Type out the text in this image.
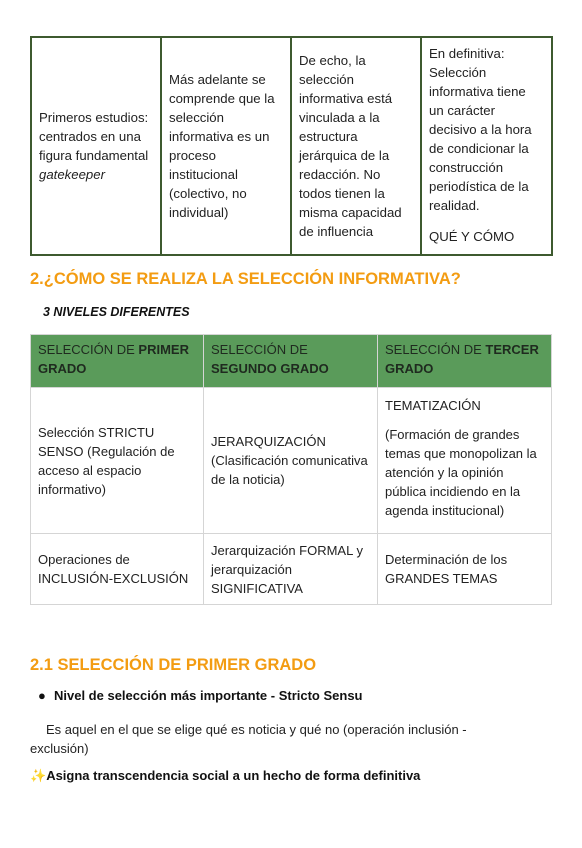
Primeros estudios: centrados en una figura fundamental gatekeeper	Más adelante se comprende que la selección informativa es un proceso institucional (colectivo, no individual)	De echo, la selección informativa está vinculada a la estructura jerárquica de la redacción. No todos tienen la misma capacidad de influencia	En definitiva: Selección informativa tiene un carácter decisivo a la hora de condicionar la construcción periodística de la realidad.
QUÉ Y CÓMO
2.¿CÓMO SE REALIZA LA SELECCIÓN INFORMATIVA?
3 NIVELES DIFERENTES
SELECCIÓN DE PRIMER GRADO	SELECCIÓN DE SEGUNDO GRADO	SELECCIÓN DE TERCER GRADO
Selección STRICTU SENSO (Regulación de acceso al espacio informativo)	JERARQUIZACIÓN (Clasificación comunicativa de la noticia)	TEMATIZACIÓN
(Formación de grandes temas que monopolizan la atención y la opinión pública incidiendo en la agenda institucional)
Operaciones de INCLUSIÓN-EXCLUSIÓN	Jerarquización FORMAL y jerarquización SIGNIFICATIVA	Determinación de los GRANDES TEMAS
2.1 SELECCIÓN DE PRIMER GRADO
● Nivel de selección más importante - Stricto Sensu
Es aquel en el que se elige qué es noticia y qué no (operación inclusión -
exclusión)
✨Asigna transcendencia social a un hecho de forma definitiva
